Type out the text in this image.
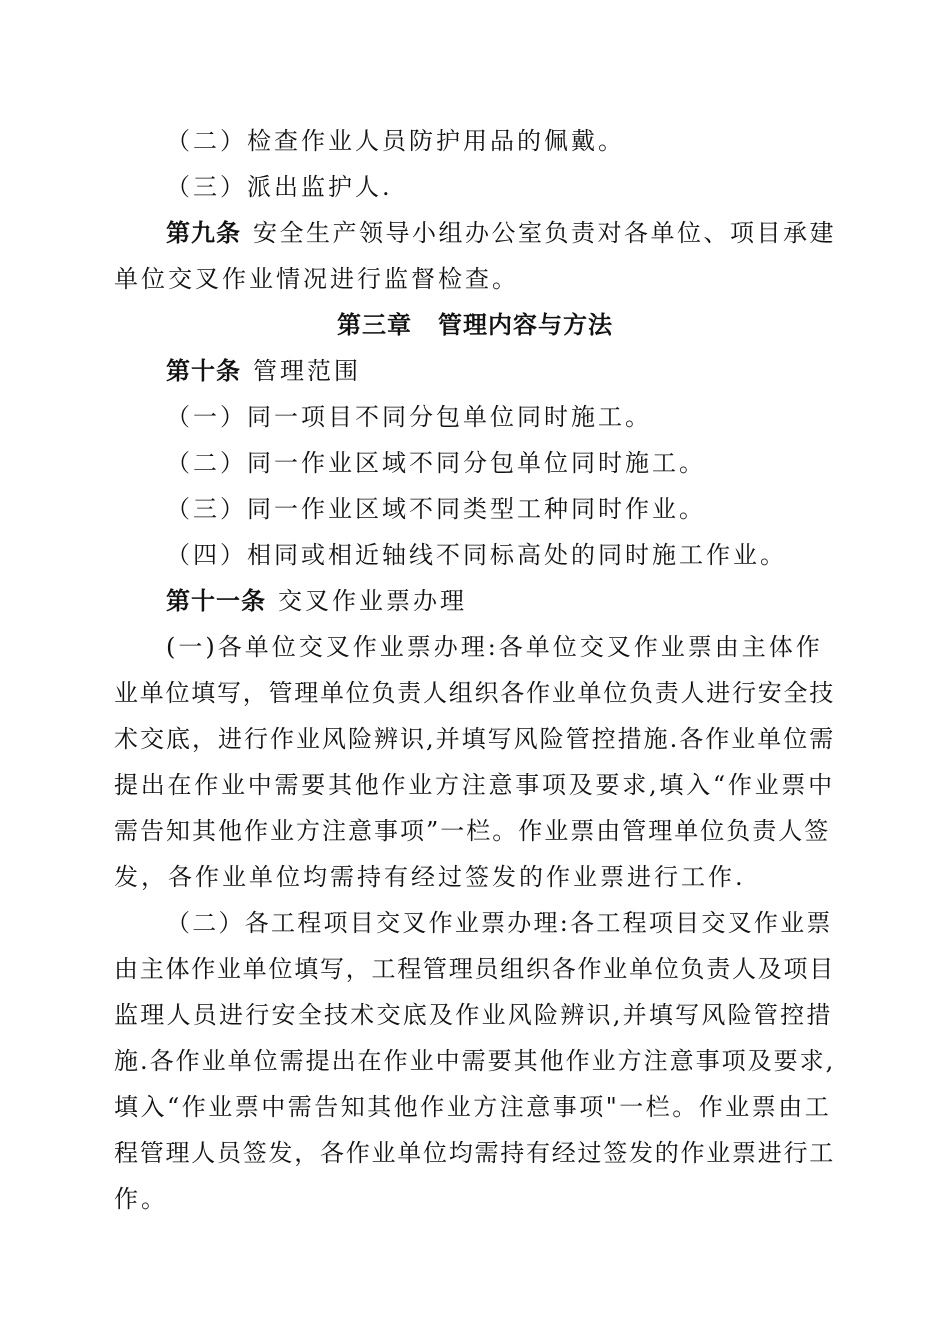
（二）检查作业人员防护用品的佩戴。
（三）派出监护人.
第九条 安全生产领导小组办公室负责对各单位、项目承建
单位交叉作业情况进行监督检查。
第三章 管理内容与方法
第十条 管理范围
（一）同一项目不同分包单位同时施工。
（二）同一作业区域不同分包单位同时施工。
（三）同一作业区域不同类型工种同时作业。
（四）相同或相近轴线不同标高处的同时施工作业。
第十一条 交叉作业票办理
(一)各单位交叉作业票办理:各单位交叉作业票由主体作
业单位填写，管理单位负责人组织各作业单位负责人进行安全技
术交底，进行作业风险辨识,并填写风险管控措施.各作业单位需
提出在作业中需要其他作业方注意事项及要求,填入“作业票中
需告知其他作业方注意事项”一栏。作业票由管理单位负责人签
发，各作业单位均需持有经过签发的作业票进行工作.
（二）各工程项目交叉作业票办理:各工程项目交叉作业票
由主体作业单位填写，工程管理员组织各作业单位负责人及项目
监理人员进行安全技术交底及作业风险辨识,并填写风险管控措
施.各作业单位需提出在作业中需要其他作业方注意事项及要求,
填入“作业票中需告知其他作业方注意事项"一栏。作业票由工
程管理人员签发，各作业单位均需持有经过签发的作业票进行工
作。
